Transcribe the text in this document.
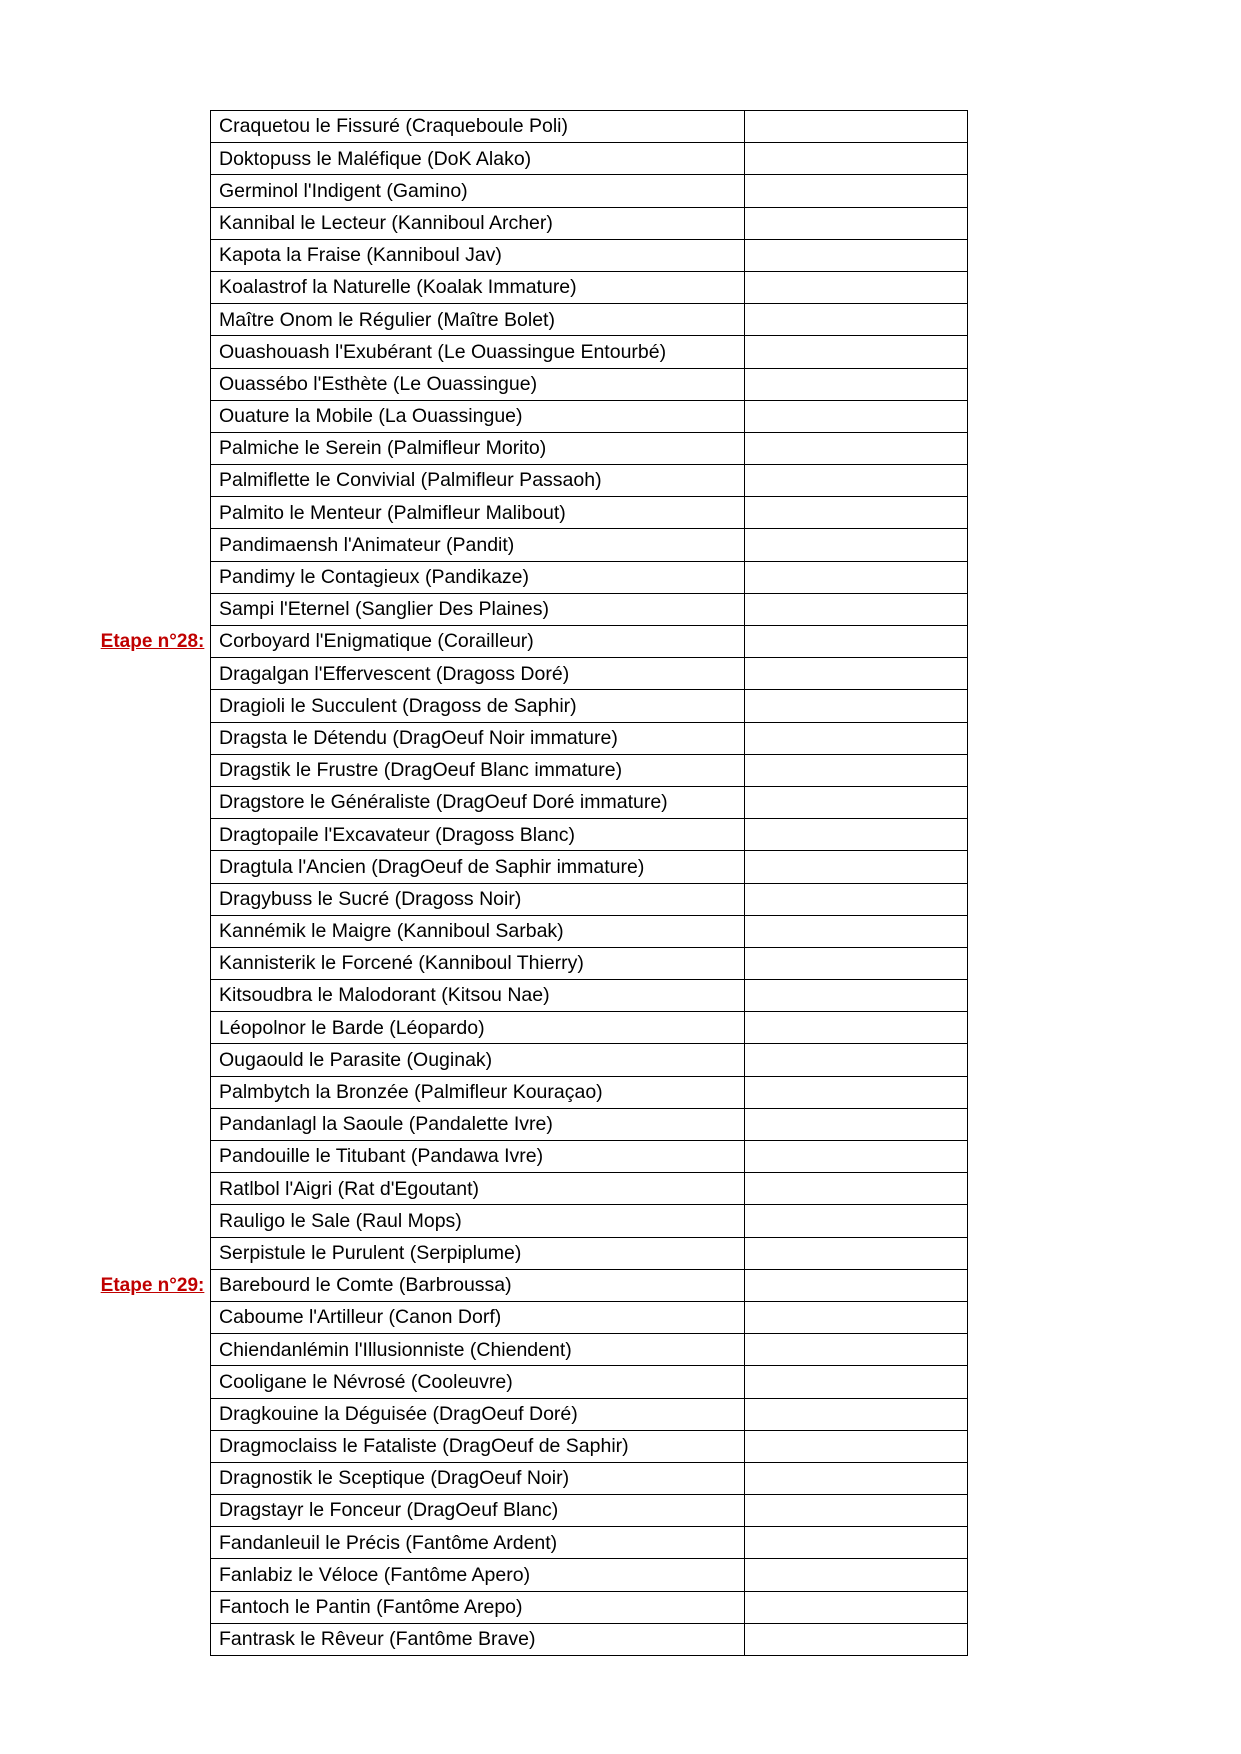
	Craquetou le Fissuré (Craqueboule Poli)		
	Doktopuss le Maléfique (DoK Alako)		
	Germinol l'Indigent (Gamino)		
	Kannibal le Lecteur (Kanniboul Archer)		
	Kapota la Fraise (Kanniboul Jav)		
	Koalastrof la Naturelle (Koalak Immature)		
	Maître Onom le Régulier (Maître Bolet)		
	Ouashouash l'Exubérant (Le Ouassingue Entourbé)		
	Ouassébo l'Esthète (Le Ouassingue)		
	Ouature la Mobile (La Ouassingue)		
	Palmiche le Serein (Palmifleur Morito)		
	Palmiflette le Convivial (Palmifleur Passaoh)		
	Palmito le Menteur (Palmifleur Malibout)		
	Pandimaensh l'Animateur (Pandit)		
	Pandimy le Contagieux (Pandikaze)		
	Sampi l'Eternel (Sanglier Des Plaines)		
Etape n°28:	Corboyard l'Enigmatique (Corailleur)		
	Dragalgan l'Effervescent (Dragoss Doré)		
	Dragioli le Succulent (Dragoss de Saphir)		
	Dragsta le Détendu (DragOeuf Noir immature)		
	Dragstik le Frustre (DragOeuf Blanc immature)		
	Dragstore le Généraliste (DragOeuf Doré immature)		
	Dragtopaile l'Excavateur (Dragoss Blanc)		
	Dragtula l'Ancien (DragOeuf de Saphir immature)		
	Dragybuss le Sucré (Dragoss Noir)		
	Kannémik le Maigre (Kanniboul Sarbak)		
	Kannisterik le Forcené (Kanniboul Thierry)		
	Kitsoudbra le Malodorant (Kitsou Nae)		
	Léopolnor le Barde (Léopardo)		
	Ougaould le Parasite (Ouginak)		
	Palmbytch la Bronzée (Palmifleur Kouraçao)		
	Pandanlagl la Saoule (Pandalette Ivre)		
	Pandouille le Titubant (Pandawa Ivre)		
	Ratlbol l'Aigri (Rat d'Egoutant)		
	Rauligo le Sale (Raul Mops)		
	Serpistule le Purulent (Serpiplume)		
Etape n°29:	Barebourd le Comte (Barbroussa)		
	Caboume l'Artilleur (Canon Dorf)		
	Chiendanlémin l'Illusionniste (Chiendent)		
	Cooligane le Névrosé (Cooleuvre)		
	Dragkouine la Déguisée (DragOeuf Doré)		
	Dragmoclaiss le Fataliste (DragOeuf de Saphir)		
	Dragnostik le Sceptique (DragOeuf Noir)		
	Dragstayr le Fonceur (DragOeuf Blanc)		
	Fandanleuil le Précis (Fantôme Ardent)		
	Fanlabiz le Véloce (Fantôme Apero)		
	Fantoch le Pantin (Fantôme Arepo)		
	Fantrask le Rêveur (Fantôme Brave)		
